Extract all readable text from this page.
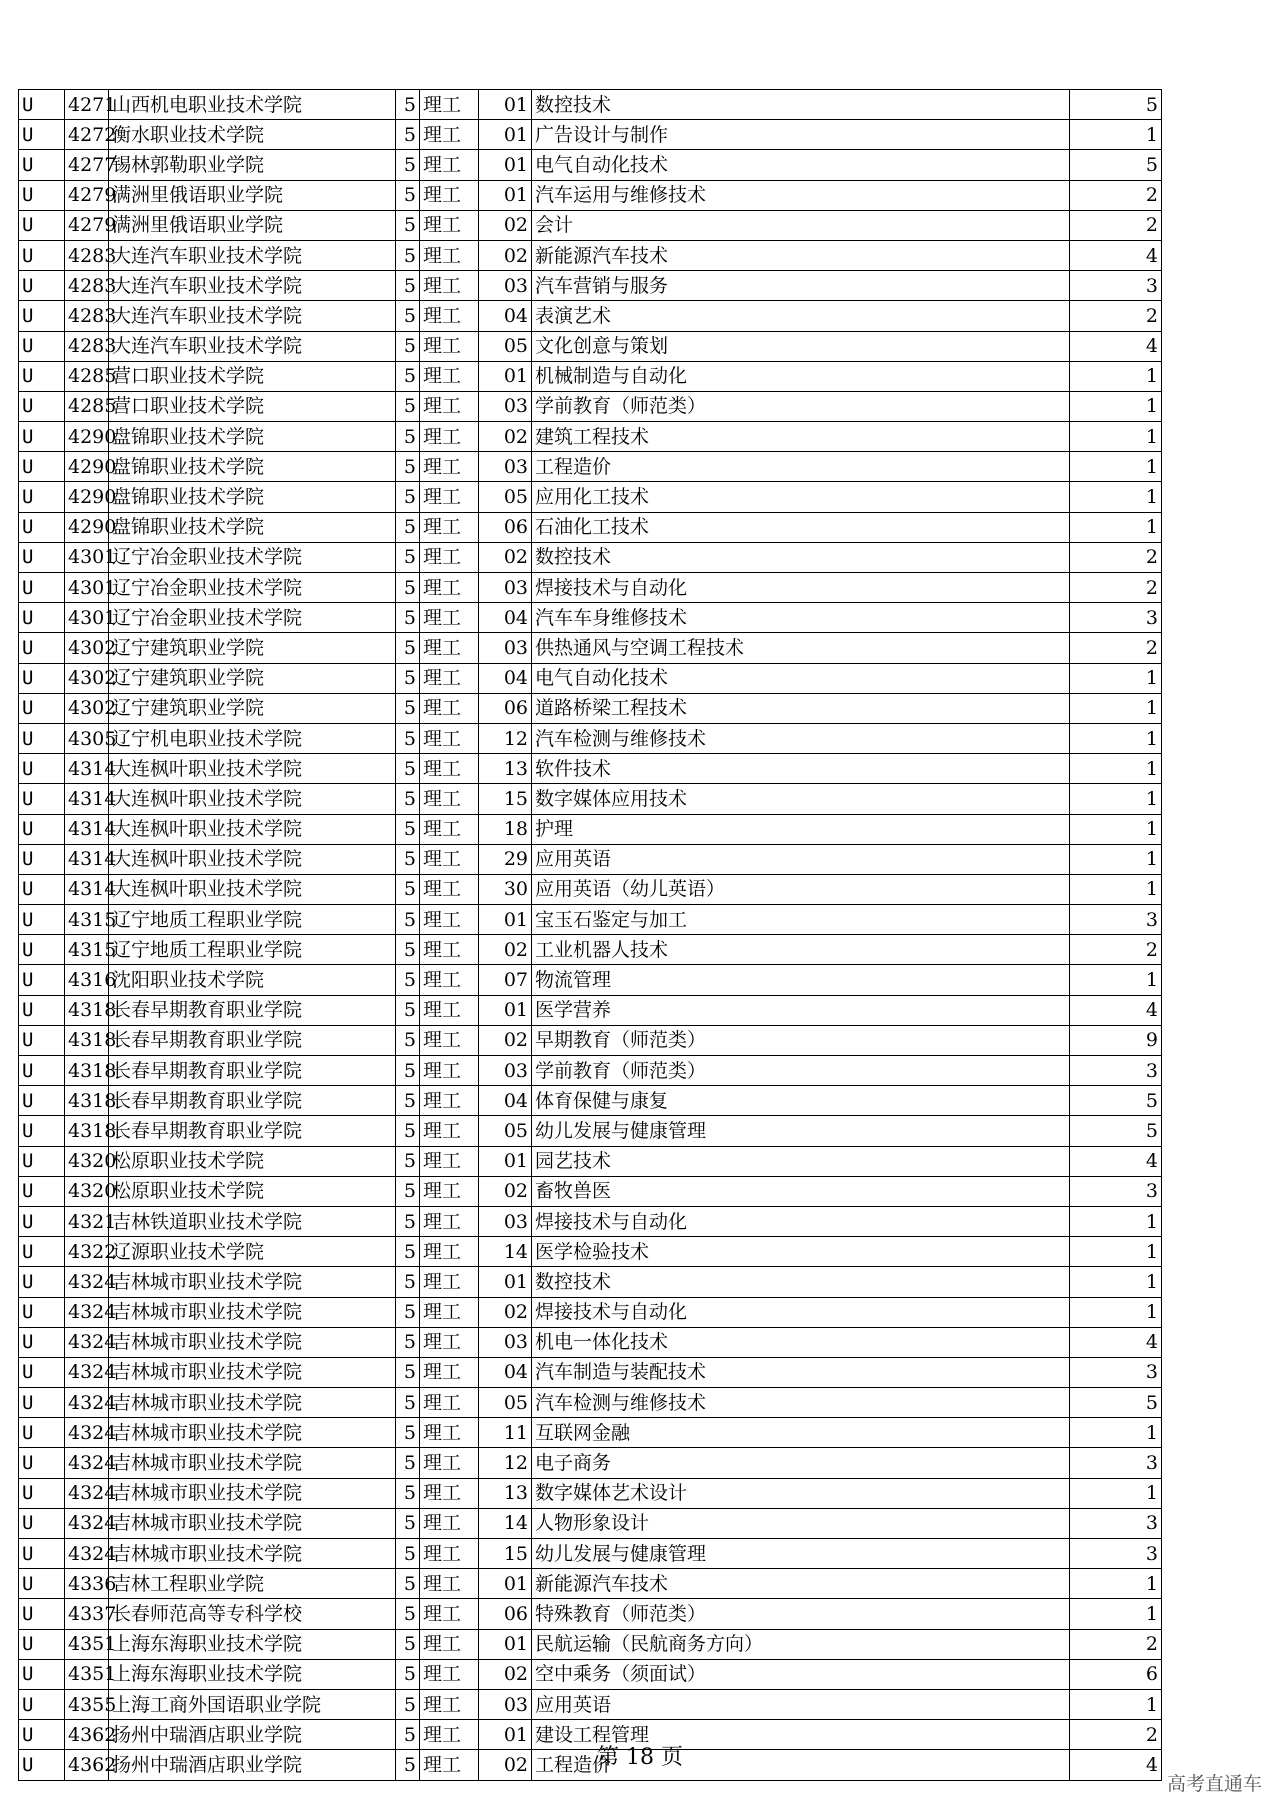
U	4271	山西机电职业技术学院	5	理工	01	数控技术	5
U	4272	衡水职业技术学院	5	理工	01	广告设计与制作	1
U	4277	锡林郭勒职业学院	5	理工	01	电气自动化技术	5
U	4279	满洲里俄语职业学院	5	理工	01	汽车运用与维修技术	2
U	4279	满洲里俄语职业学院	5	理工	02	会计	2
U	4283	大连汽车职业技术学院	5	理工	02	新能源汽车技术	4
U	4283	大连汽车职业技术学院	5	理工	03	汽车营销与服务	3
U	4283	大连汽车职业技术学院	5	理工	04	表演艺术	2
U	4283	大连汽车职业技术学院	5	理工	05	文化创意与策划	4
U	4285	营口职业技术学院	5	理工	01	机械制造与自动化	1
U	4285	营口职业技术学院	5	理工	03	学前教育（师范类）	1
U	4290	盘锦职业技术学院	5	理工	02	建筑工程技术	1
U	4290	盘锦职业技术学院	5	理工	03	工程造价	1
U	4290	盘锦职业技术学院	5	理工	05	应用化工技术	1
U	4290	盘锦职业技术学院	5	理工	06	石油化工技术	1
U	4301	辽宁冶金职业技术学院	5	理工	02	数控技术	2
U	4301	辽宁冶金职业技术学院	5	理工	03	焊接技术与自动化	2
U	4301	辽宁冶金职业技术学院	5	理工	04	汽车车身维修技术	3
U	4302	辽宁建筑职业学院	5	理工	03	供热通风与空调工程技术	2
U	4302	辽宁建筑职业学院	5	理工	04	电气自动化技术	1
U	4302	辽宁建筑职业学院	5	理工	06	道路桥梁工程技术	1
U	4305	辽宁机电职业技术学院	5	理工	12	汽车检测与维修技术	1
U	4314	大连枫叶职业技术学院	5	理工	13	软件技术	1
U	4314	大连枫叶职业技术学院	5	理工	15	数字媒体应用技术	1
U	4314	大连枫叶职业技术学院	5	理工	18	护理	1
U	4314	大连枫叶职业技术学院	5	理工	29	应用英语	1
U	4314	大连枫叶职业技术学院	5	理工	30	应用英语（幼儿英语）	1
U	4315	辽宁地质工程职业学院	5	理工	01	宝玉石鉴定与加工	3
U	4315	辽宁地质工程职业学院	5	理工	02	工业机器人技术	2
U	4316	沈阳职业技术学院	5	理工	07	物流管理	1
U	4318	长春早期教育职业学院	5	理工	01	医学营养	4
U	4318	长春早期教育职业学院	5	理工	02	早期教育（师范类）	9
U	4318	长春早期教育职业学院	5	理工	03	学前教育（师范类）	3
U	4318	长春早期教育职业学院	5	理工	04	体育保健与康复	5
U	4318	长春早期教育职业学院	5	理工	05	幼儿发展与健康管理	5
U	4320	松原职业技术学院	5	理工	01	园艺技术	4
U	4320	松原职业技术学院	5	理工	02	畜牧兽医	3
U	4321	吉林铁道职业技术学院	5	理工	03	焊接技术与自动化	1
U	4322	辽源职业技术学院	5	理工	14	医学检验技术	1
U	4324	吉林城市职业技术学院	5	理工	01	数控技术	1
U	4324	吉林城市职业技术学院	5	理工	02	焊接技术与自动化	1
U	4324	吉林城市职业技术学院	5	理工	03	机电一体化技术	4
U	4324	吉林城市职业技术学院	5	理工	04	汽车制造与装配技术	3
U	4324	吉林城市职业技术学院	5	理工	05	汽车检测与维修技术	5
U	4324	吉林城市职业技术学院	5	理工	11	互联网金融	1
U	4324	吉林城市职业技术学院	5	理工	12	电子商务	3
U	4324	吉林城市职业技术学院	5	理工	13	数字媒体艺术设计	1
U	4324	吉林城市职业技术学院	5	理工	14	人物形象设计	3
U	4324	吉林城市职业技术学院	5	理工	15	幼儿发展与健康管理	3
U	4336	吉林工程职业学院	5	理工	01	新能源汽车技术	1
U	4337	长春师范高等专科学校	5	理工	06	特殊教育（师范类）	1
U	4351	上海东海职业技术学院	5	理工	01	民航运输（民航商务方向）	2
U	4351	上海东海职业技术学院	5	理工	02	空中乘务（须面试）	6
U	4355	上海工商外国语职业学院	5	理工	03	应用英语	1
U	4362	扬州中瑞酒店职业学院	5	理工	01	建设工程管理	2
U	4362	扬州中瑞酒店职业学院	5	理工	02	工程造价	4
第 18 页
高考直通车
